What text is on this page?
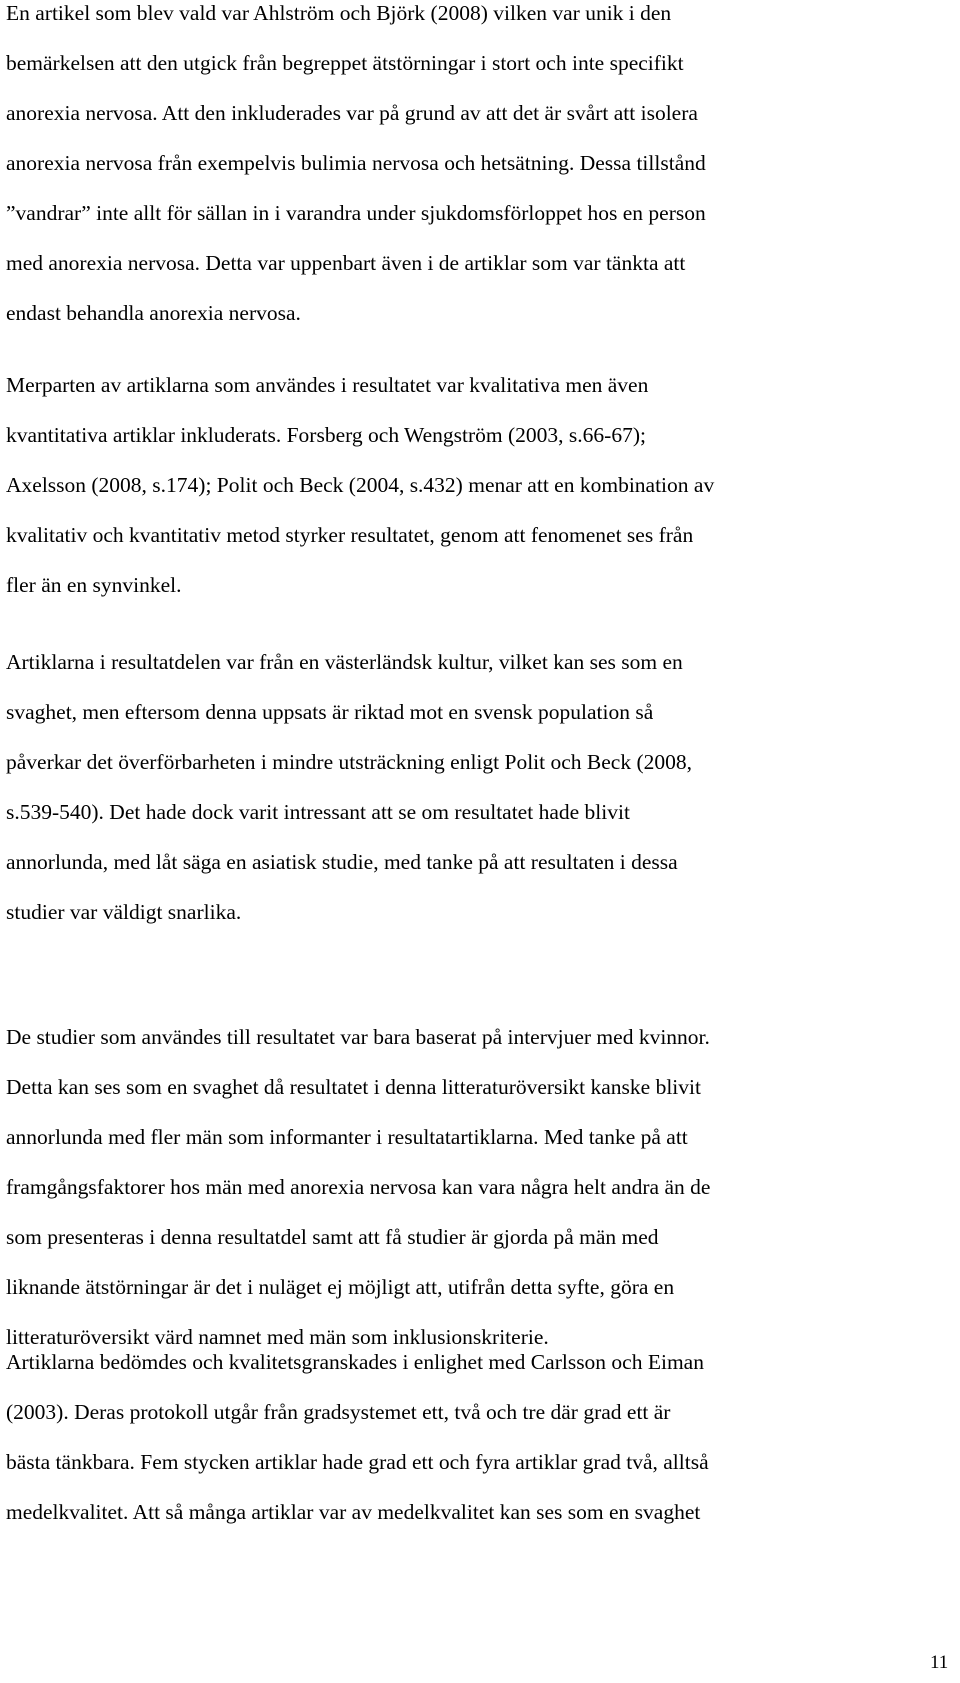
En artikel som blev vald var Ahlström och Björk (2008) vilken var unik i den
bemärkelsen att den utgick från begreppet ätstörningar i stort och inte specifikt
anorexia nervosa. Att den inkluderades var på grund av att det är svårt att isolera
anorexia nervosa från exempelvis bulimia nervosa och hetsätning. Dessa tillstånd
”vandrar” inte allt för sällan in i varandra under sjukdomsförloppet hos en person
med anorexia nervosa. Detta var uppenbart även i de artiklar som var tänkta att
endast behandla anorexia nervosa.

Merparten av artiklarna som användes i resultatet var kvalitativa men även
kvantitativa artiklar inkluderats. Forsberg och Wengström (2003, s.66-67);
Axelsson (2008, s.174); Polit och Beck (2004, s.432) menar att en kombination av
kvalitativ och kvantitativ metod styrker resultatet, genom att fenomenet ses från
fler än en synvinkel.

Artiklarna i resultatdelen var från en västerländsk kultur, vilket kan ses som en
svaghet, men eftersom denna uppsats är riktad mot en svensk population så
påverkar det överförbarheten i mindre utsträckning enligt Polit och Beck (2008,
s.539-540). Det hade dock varit intressant att se om resultatet hade blivit
annorlunda, med låt säga en asiatisk studie, med tanke på att resultaten i dessa
studier var väldigt snarlika.

De studier som användes till resultatet var bara baserat på intervjuer med kvinnor.
Detta kan ses som en svaghet då resultatet i denna litteraturöversikt kanske blivit
annorlunda med fler män som informanter i resultatartiklarna. Med tanke på att
framgångsfaktorer hos män med anorexia nervosa kan vara några helt andra än de
som presenteras i denna resultatdel samt att få studier är gjorda på män med
liknande ätstörningar är det i nuläget ej möjligt att, utifrån detta syfte, göra en
litteraturöversikt värd namnet med män som inklusionskriterie.

Artiklarna bedömdes och kvalitetsgranskades i enlighet med Carlsson och Eiman
(2003). Deras protokoll utgår från gradsystemet ett, två och tre där grad ett är
bästa tänkbara. Fem stycken artiklar hade grad ett och fyra artiklar grad två, alltså
medelkvalitet. Att så många artiklar var av medelkvalitet kan ses som en svaghet

11
